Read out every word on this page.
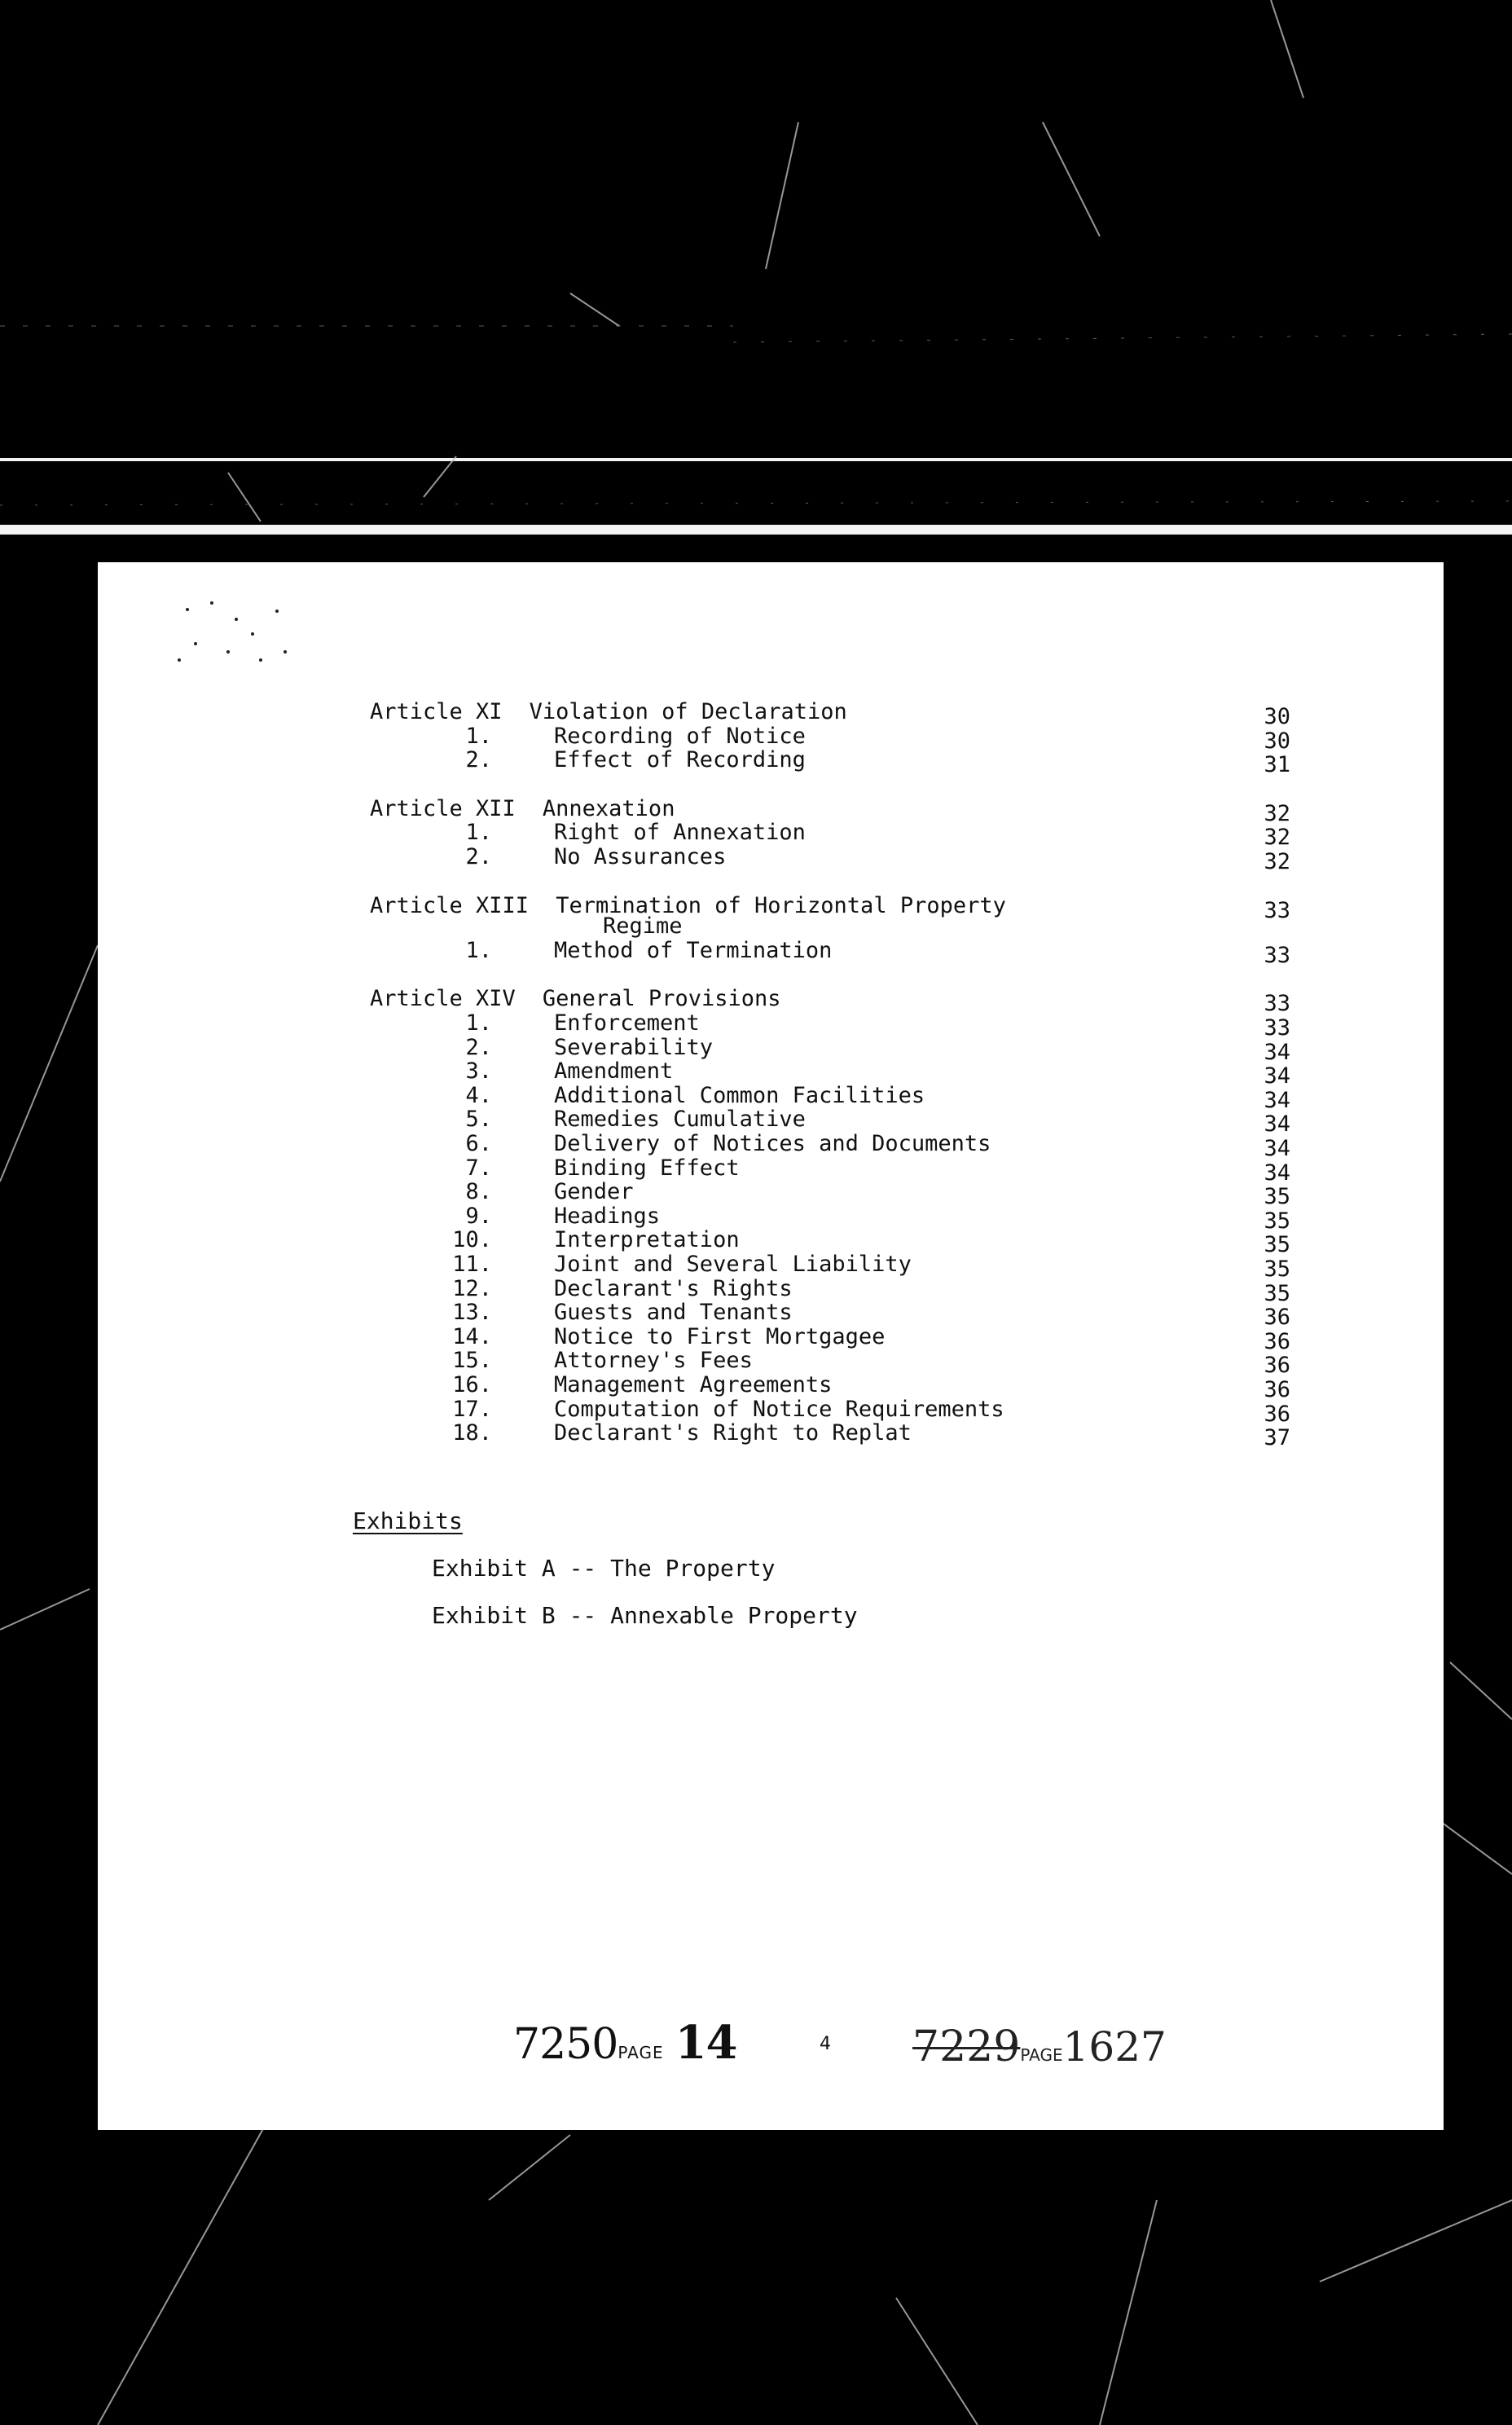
Article XI Violation of Declaration	30
1.	Recording of Notice	30
2.	Effect of Recording	31
Article XII Annexation	32
1.	Right of Annexation	32
2.	No Assurances	32
Article XIII Termination of Horizontal Property	33
Regime
1.	Method of Termination	33
Article XIV General Provisions	33
1.	Enforcement	33
2.	Severability	34
3.	Amendment	34
4.	Additional Common Facilities	34
5.	Remedies Cumulative	34
6.	Delivery of Notices and Documents	34
7.	Binding Effect	34
8.	Gender	35
9.	Headings	35
10.	Interpretation	35
11.	Joint and Several Liability	35
12.	Declarant's Rights	35
13.	Guests and Tenants	36
14.	Notice to First Mortgagee	36
15.	Attorney's Fees	36
16.	Management Agreements	36
17.	Computation of Notice Requirements	36
18.	Declarant's Right to Replat	37
Exhibits
Exhibit A -- The Property
Exhibit B -- Annexable Property
7250PAGE 14	4 7229PAGE1627
